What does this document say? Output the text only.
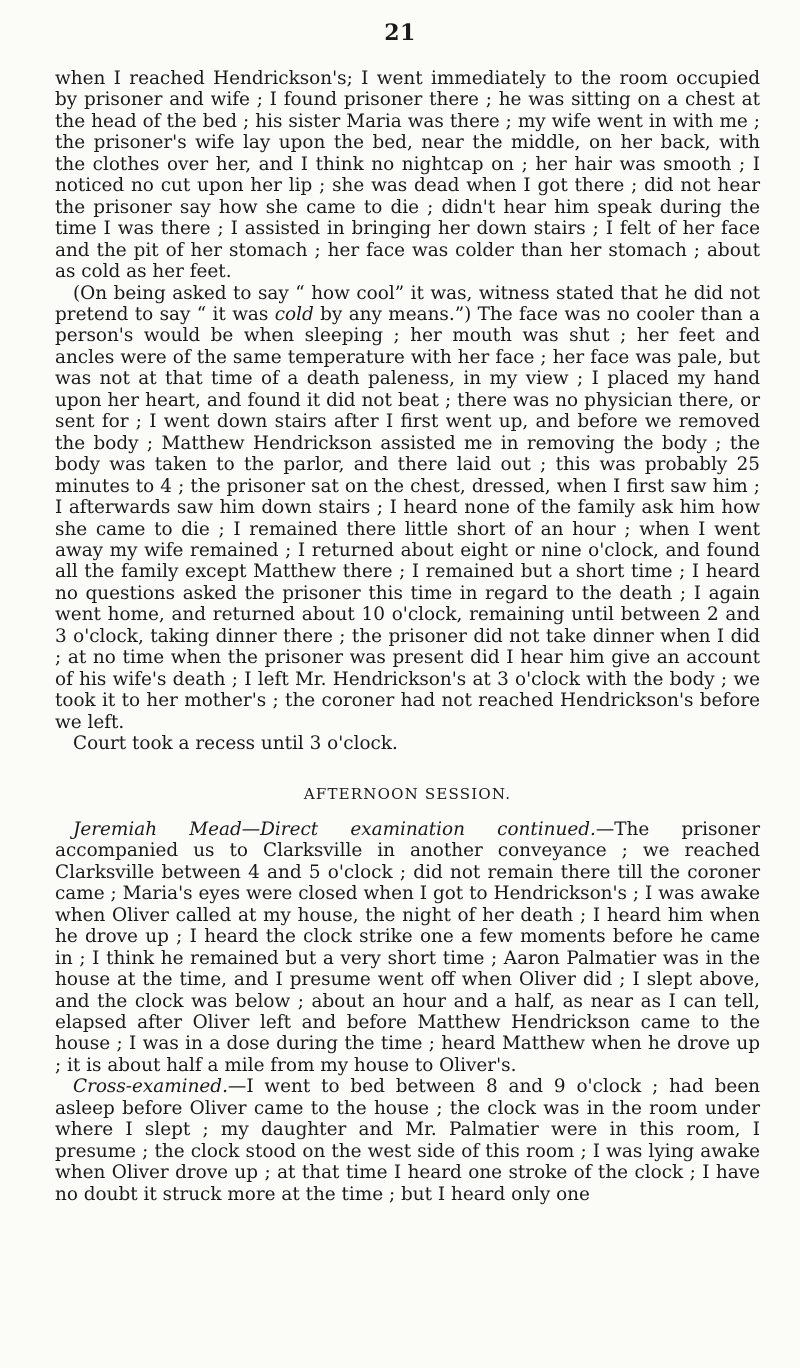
21

when I reached Hendrickson's; I went immediately to the room occupied by prisoner and wife ; I found prisoner there ; he was sitting on a chest at the head of the bed ; his sister Maria was there ; my wife went in with me ; the prisoner's wife lay upon the bed, near the middle, on her back, with the clothes over her, and I think no nightcap on ; her hair was smooth ; I noticed no cut upon her lip ; she was dead when I got there ; did not hear the prisoner say how she came to die ; didn't hear him speak during the time I was there ; I assisted in bringing her down stairs ; I felt of her face and the pit of her stomach ; her face was colder than her stomach ; about as cold as her feet.

(On being asked to say “ how cool” it was, witness stated that he did not pretend to say “ it was cold by any means.”) The face was no cooler than a person's would be when sleeping ; her mouth was shut ; her feet and ancles were of the same temperature with her face ; her face was pale, but was not at that time of a death paleness, in my view ; I placed my hand upon her heart, and found it did not beat ; there was no physician there, or sent for ; I went down stairs after I first went up, and before we removed the body ; Matthew Hendrickson assisted me in removing the body ; the body was taken to the parlor, and there laid out ; this was probably 25 minutes to 4 ; the prisoner sat on the chest, dressed, when I first saw him ; I afterwards saw him down stairs ; I heard none of the family ask him how she came to die ; I remained there little short of an hour ; when I went away my wife remained ; I returned about eight or nine o'clock, and found all the family except Matthew there ; I remained but a short time ; I heard no questions asked the prisoner this time in regard to the death ; I again went home, and returned about 10 o'clock, remaining until between 2 and 3 o'clock, taking dinner there ; the prisoner did not take dinner when I did ; at no time when the prisoner was present did I hear him give an account of his wife's death ; I left Mr. Hendrickson's at 3 o'clock with the body ; we took it to her mother's ; the coroner had not reached Hendrickson's before we left.

Court took a recess until 3 o'clock.

AFTERNOON SESSION.

Jeremiah Mead—Direct examination continued.—The prisoner accompanied us to Clarksville in another conveyance ; we reached Clarksville between 4 and 5 o'clock ; did not remain there till the coroner came ; Maria's eyes were closed when I got to Hendrickson's ; I was awake when Oliver called at my house, the night of her death ; I heard him when he drove up ; I heard the clock strike one a few moments before he came in ; I think he remained but a very short time ; Aaron Palmatier was in the house at the time, and I presume went off when Oliver did ; I slept above, and the clock was below ; about an hour and a half, as near as I can tell, elapsed after Oliver left and before Matthew Hendrickson came to the house ; I was in a dose during the time ; heard Matthew when he drove up ; it is about half a mile from my house to Oliver's.

Cross-examined.—I went to bed between 8 and 9 o'clock ; had been asleep before Oliver came to the house ; the clock was in the room under where I slept ; my daughter and Mr. Palmatier were in this room, I presume ; the clock stood on the west side of this room ; I was lying awake when Oliver drove up ; at that time I heard one stroke of the clock ; I have no doubt it struck more at the time ; but I heard only one
